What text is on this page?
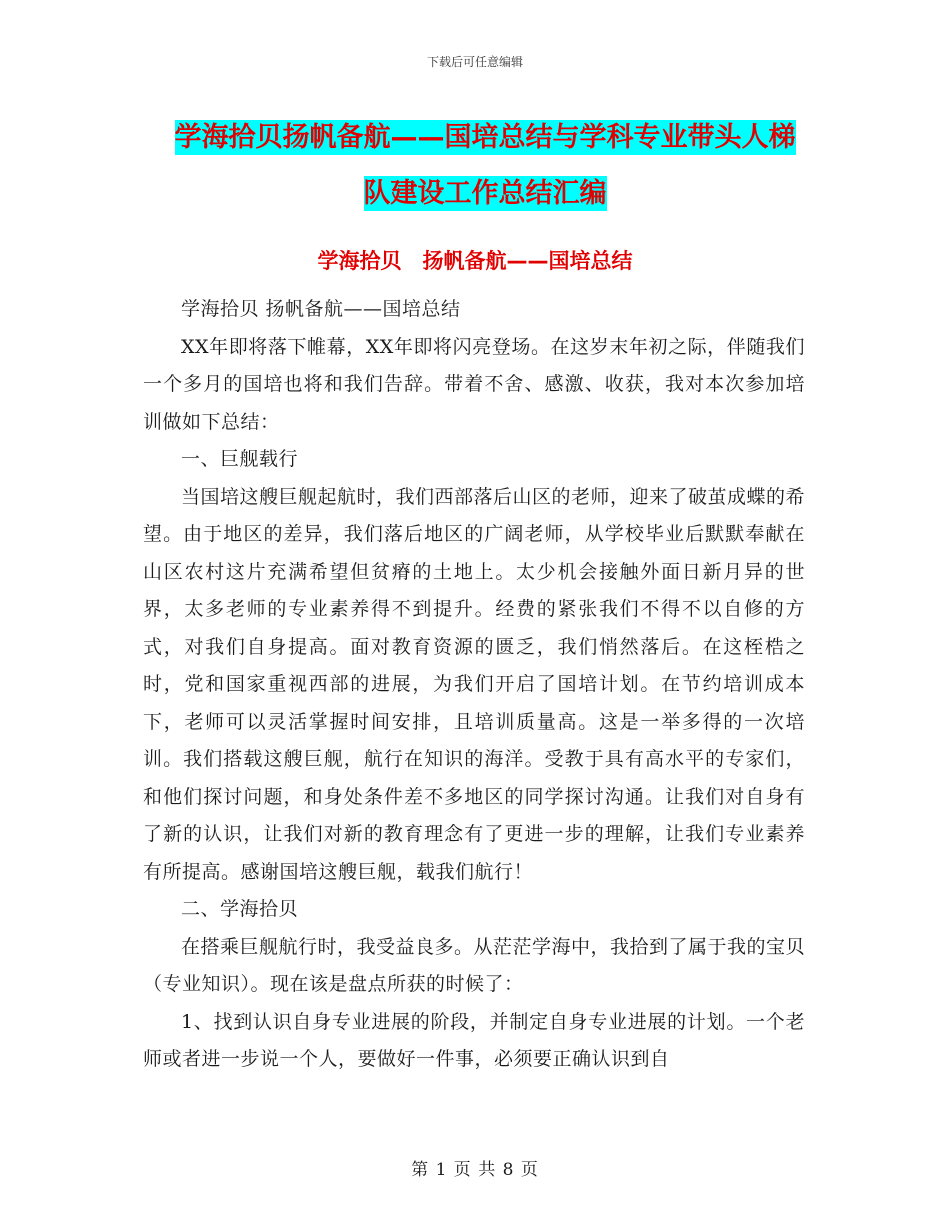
下载后可任意编辑
学海拾贝扬帆备航——国培总结与学科专业带头人梯
队建设工作总结汇编
学海拾贝　扬帆备航——国培总结

学海拾贝 扬帆备航——国培总结

XX年即将落下帷幕，XX年即将闪亮登场。在这岁末年初之际，伴随我们一个多月的国培也将和我们告辞。带着不舍、感激、收获，我对本次参加培训做如下总结：

一、巨舰载行

当国培这艘巨舰起航时，我们西部落后山区的老师，迎来了破茧成蝶的希望。由于地区的差异，我们落后地区的广阔老师，从学校毕业后默默奉献在山区农村这片充满希望但贫瘠的土地上。太少机会接触外面日新月异的世界，太多老师的专业素养得不到提升。经费的紧张我们不得不以自修的方式，对我们自身提高。面对教育资源的匮乏，我们悄然落后。在这桎梏之时，党和国家重视西部的进展，为我们开启了国培计划。在节约培训成本下，老师可以灵活掌握时间安排，且培训质量高。这是一举多得的一次培训。我们搭载这艘巨舰，航行在知识的海洋。受教于具有高水平的专家们，和他们探讨问题，和身处条件差不多地区的同学探讨沟通。让我们对自身有了新的认识，让我们对新的教育理念有了更进一步的理解，让我们专业素养有所提高。感谢国培这艘巨舰，载我们航行！

二、学海拾贝

在搭乘巨舰航行时，我受益良多。从茫茫学海中，我拾到了属于我的宝贝（专业知识）。现在该是盘点所获的时候了：

1、找到认识自身专业进展的阶段，并制定自身专业进展的计划。一个老师或者进一步说一个人，要做好一件事，必须要正确认识到自

第 1 页 共 8 页
